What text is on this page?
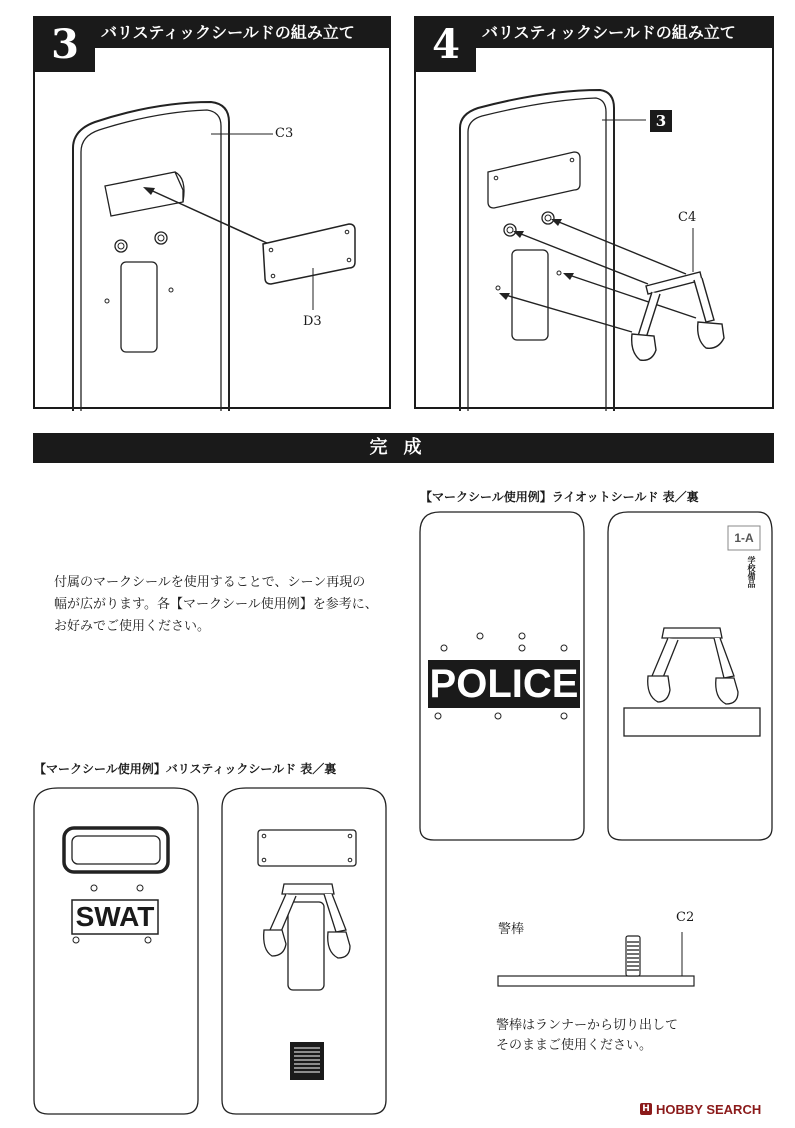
3	バリスティックシールドの組み立て
C3
D3
4	バリスティックシールドの組み立て
3
C4
完成
付属のマークシールを使用することで、シーン再現の
幅が広がります。各【マークシール使用例】を参考に、
お好みでご使用ください。
【マークシール使用例】ライオットシールド 表／裏
POLICE
1-A
学校備品
【マークシール使用例】バリスティックシールド 表／裏
SWAT	警棒
C2
警棒はランナーから切り出して
そのままご使用ください。
H HOBBY SEARCH
